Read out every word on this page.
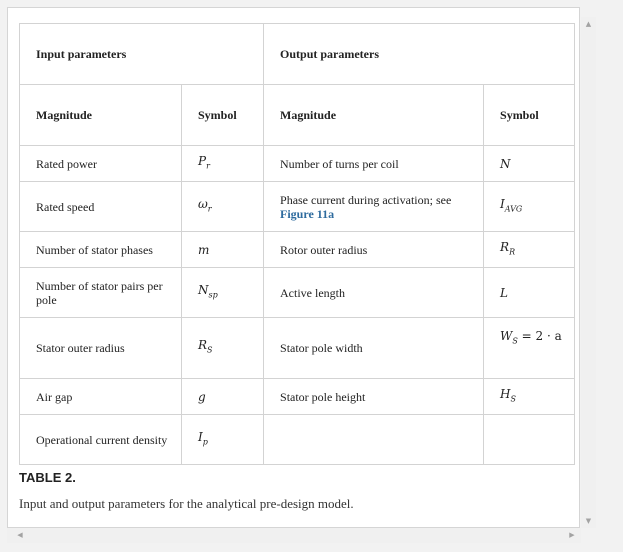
Input parameters		Output parameters	
Magnitude	Symbol	Magnitude	Symbol
Rated power	$P_r$	Number of turns per coil	N
Rated speed	$\omega_r$	Phase current during activation; see Figure 11a	$I_{AVG}$
Number of stator phases	m	Rotor outer radius	$R_R$
Number of stator pairs per pole	$N_{sp}$	Active length	L
Stator outer radius	$R_S$	Stator pole width	$W_S = 2 \cdot a$
Air gap	g	Stator pole height	$H_S$
Operational current density	$I_p$		
TABLE 2.
Input and output parameters for the analytical pre-design model.
▲
▼
◀	▶
